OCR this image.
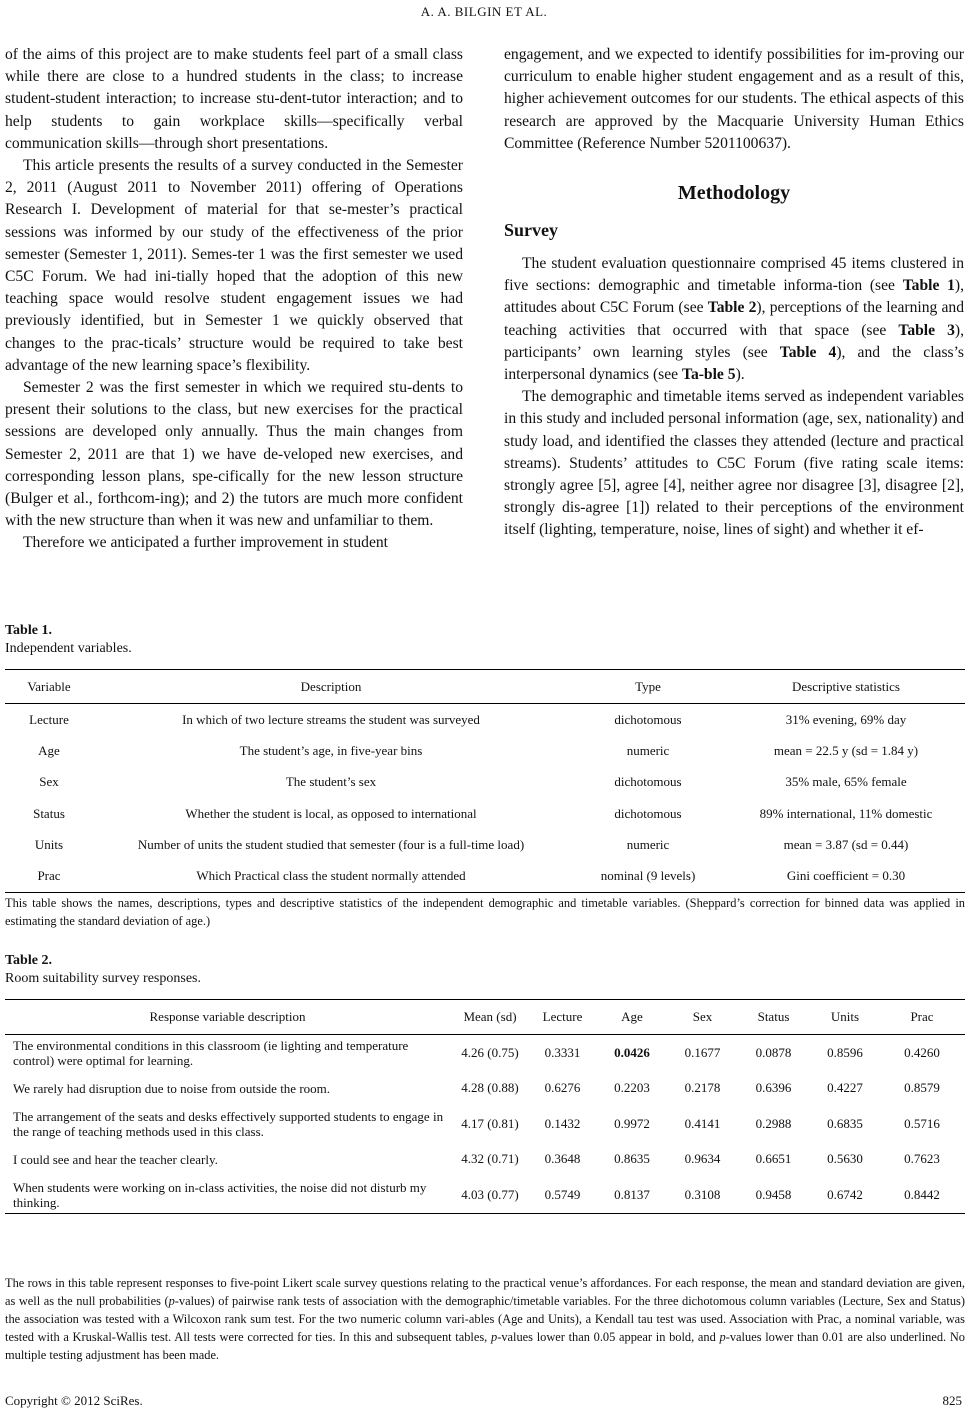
A. A. BILGIN ET AL.

of the aims of this project are to make students feel part of a small class while there are close to a hundred students in the class; to increase student-student interaction; to increase stu-dent-tutor interaction; and to help students to gain workplace skills—specifically verbal communication skills—through short presentations.

This article presents the results of a survey conducted in the Semester 2, 2011 (August 2011 to November 2011) offering of Operations Research I. Development of material for that se-mester’s practical sessions was informed by our study of the effectiveness of the prior semester (Semester 1, 2011). Semes-ter 1 was the first semester we used C5C Forum. We had ini-tially hoped that the adoption of this new teaching space would resolve student engagement issues we had previously identified, but in Semester 1 we quickly observed that changes to the prac-ticals’ structure would be required to take best advantage of the new learning space’s flexibility.

Semester 2 was the first semester in which we required stu-dents to present their solutions to the class, but new exercises for the practical sessions are developed only annually. Thus the main changes from Semester 2, 2011 are that 1) we have de-veloped new exercises, and corresponding lesson plans, spe-cifically for the new lesson structure (Bulger et al., forthcom-ing); and 2) the tutors are much more confident with the new structure than when it was new and unfamiliar to them.

Therefore we anticipated a further improvement in student

engagement, and we expected to identify possibilities for im-proving our curriculum to enable higher student engagement and as a result of this, higher achievement outcomes for our students. The ethical aspects of this research are approved by the Macquarie University Human Ethics Committee (Reference Number 5201100637).

Methodology
Survey

The student evaluation questionnaire comprised 45 items clustered in five sections: demographic and timetable informa-tion (see Table 1), attitudes about C5C Forum (see Table 2), perceptions of the learning and teaching activities that occurred with that space (see Table 3), participants’ own learning styles (see Table 4), and the class’s interpersonal dynamics (see Ta-ble 5).

The demographic and timetable items served as independent variables in this study and included personal information (age, sex, nationality) and study load, and identified the classes they attended (lecture and practical streams). Students’ attitudes to C5C Forum (five rating scale items: strongly agree [5], agree [4], neither agree nor disagree [3], disagree [2], strongly dis-agree [1]) related to their perceptions of the environment itself (lighting, temperature, noise, lines of sight) and whether it ef-

Table 1.
Independent variables.
Variable	Description	Type	Descriptive statistics
Lecture	In which of two lecture streams the student was surveyed	dichotomous	31% evening, 69% day
Age	The student’s age, in five-year bins	numeric	mean = 22.5 y (sd = 1.84 y)
Sex	The student’s sex	dichotomous	35% male, 65% female
Status	Whether the student is local, as opposed to international	dichotomous	89% international, 11% domestic
Units	Number of units the student studied that semester (four is a full-time load)	numeric	mean = 3.87 (sd = 0.44)
Prac	Which Practical class the student normally attended	nominal (9 levels)	Gini coefficient = 0.30
This table shows the names, descriptions, types and descriptive statistics of the independent demographic and timetable variables. (Sheppard’s correction for binned data was applied in estimating the standard deviation of age.)
Table 2.
Room suitability survey responses.
Response variable description	Mean (sd)	Lecture	Age	Sex	Status	Units	Prac
The environmental conditions in this classroom (ie lighting and temperature control) were optimal for learning.	4.26 (0.75)	0.3331	0.0426	0.1677	0.0878	0.8596	0.4260
We rarely had disruption due to noise from outside the room.	4.28 (0.88)	0.6276	0.2203	0.2178	0.6396	0.4227	0.8579
The arrangement of the seats and desks effectively supported students to engage in the range of teaching methods used in this class.	4.17 (0.81)	0.1432	0.9972	0.4141	0.2988	0.6835	0.5716
I could see and hear the teacher clearly.	4.32 (0.71)	0.3648	0.8635	0.9634	0.6651	0.5630	0.7623
When students were working on in-class activities, the noise did not disturb my thinking.	4.03 (0.77)	0.5749	0.8137	0.3108	0.9458	0.6742	0.8442
The rows in this table represent responses to five-point Likert scale survey questions relating to the practical venue’s affordances. For each response, the mean and standard deviation are given, as well as the null probabilities (p-values) of pairwise rank tests of association with the demographic/timetable variables. For the three dichotomous column variables (Lecture, Sex and Status) the association was tested with a Wilcoxon rank sum test. For the two numeric column vari-ables (Age and Units), a Kendall tau test was used. Association with Prac, a nominal variable, was tested with a Kruskal-Wallis test. All tests were corrected for ties. In this and subsequent tables, p-values lower than 0.05 appear in bold, and p-values lower than 0.01 are also underlined. No multiple testing adjustment has been made.
Copyright © 2012 SciRes.	825
